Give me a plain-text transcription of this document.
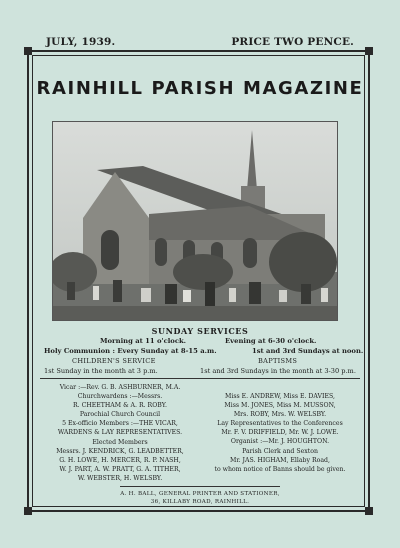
JULY, 1939.	PRICE TWO PENCE.
RAINHILL PARISH MAGAZINE
SUNDAY SERVICES
Morning at 11 o'clock.	Evening at 6-30 o'clock.
Holy Communion : Every Sunday at 8-15 a.m.	1st and 3rd Sundays at noon.
CHILDREN'S SERVICE	BAPTISMS
1st Sunday in the month at 3 p.m.	1st and 3rd Sundays in the month at 3-30 p.m.
Vicar :—Rev. G. B. ASHBURNER, M.A.
Churchwardens :—Messrs.
R. CHEETHAM & A. R. ROBY.
Parochial Church Council
5 Ex-officio Members :—THE VICAR,
WARDENS & LAY REPRESENTATIVES.
Elected Members
Messrs. J. KENDRICK, G. LEADBETTER,
G. H. LOWE, H. MERCER, R. P. NASH,
W. J. PART, A. W. PRATT, G. A. TITHER,
W. WEBSTER, H. WELSBY.
Miss E. ANDREW, Miss E. DAVIES,
Miss M. JONES, Miss M. MUSSON,
Mrs. ROBY, Mrs. W. WELSBY.
Lay Representatives to the Conferences
Mr. F. V. DRIFFIELD, Mr. W. J. LOWE.
Organist :—Mr. J. HOUGHTON.
Parish Clerk and Sexton
Mr. JAS. HIGHAM, Ellaby Road,
to whom notice of Banns should be given.
A. H. BALL, GENERAL PRINTER AND STATIONER,
36, KILLABY ROAD, RAINHILL.
